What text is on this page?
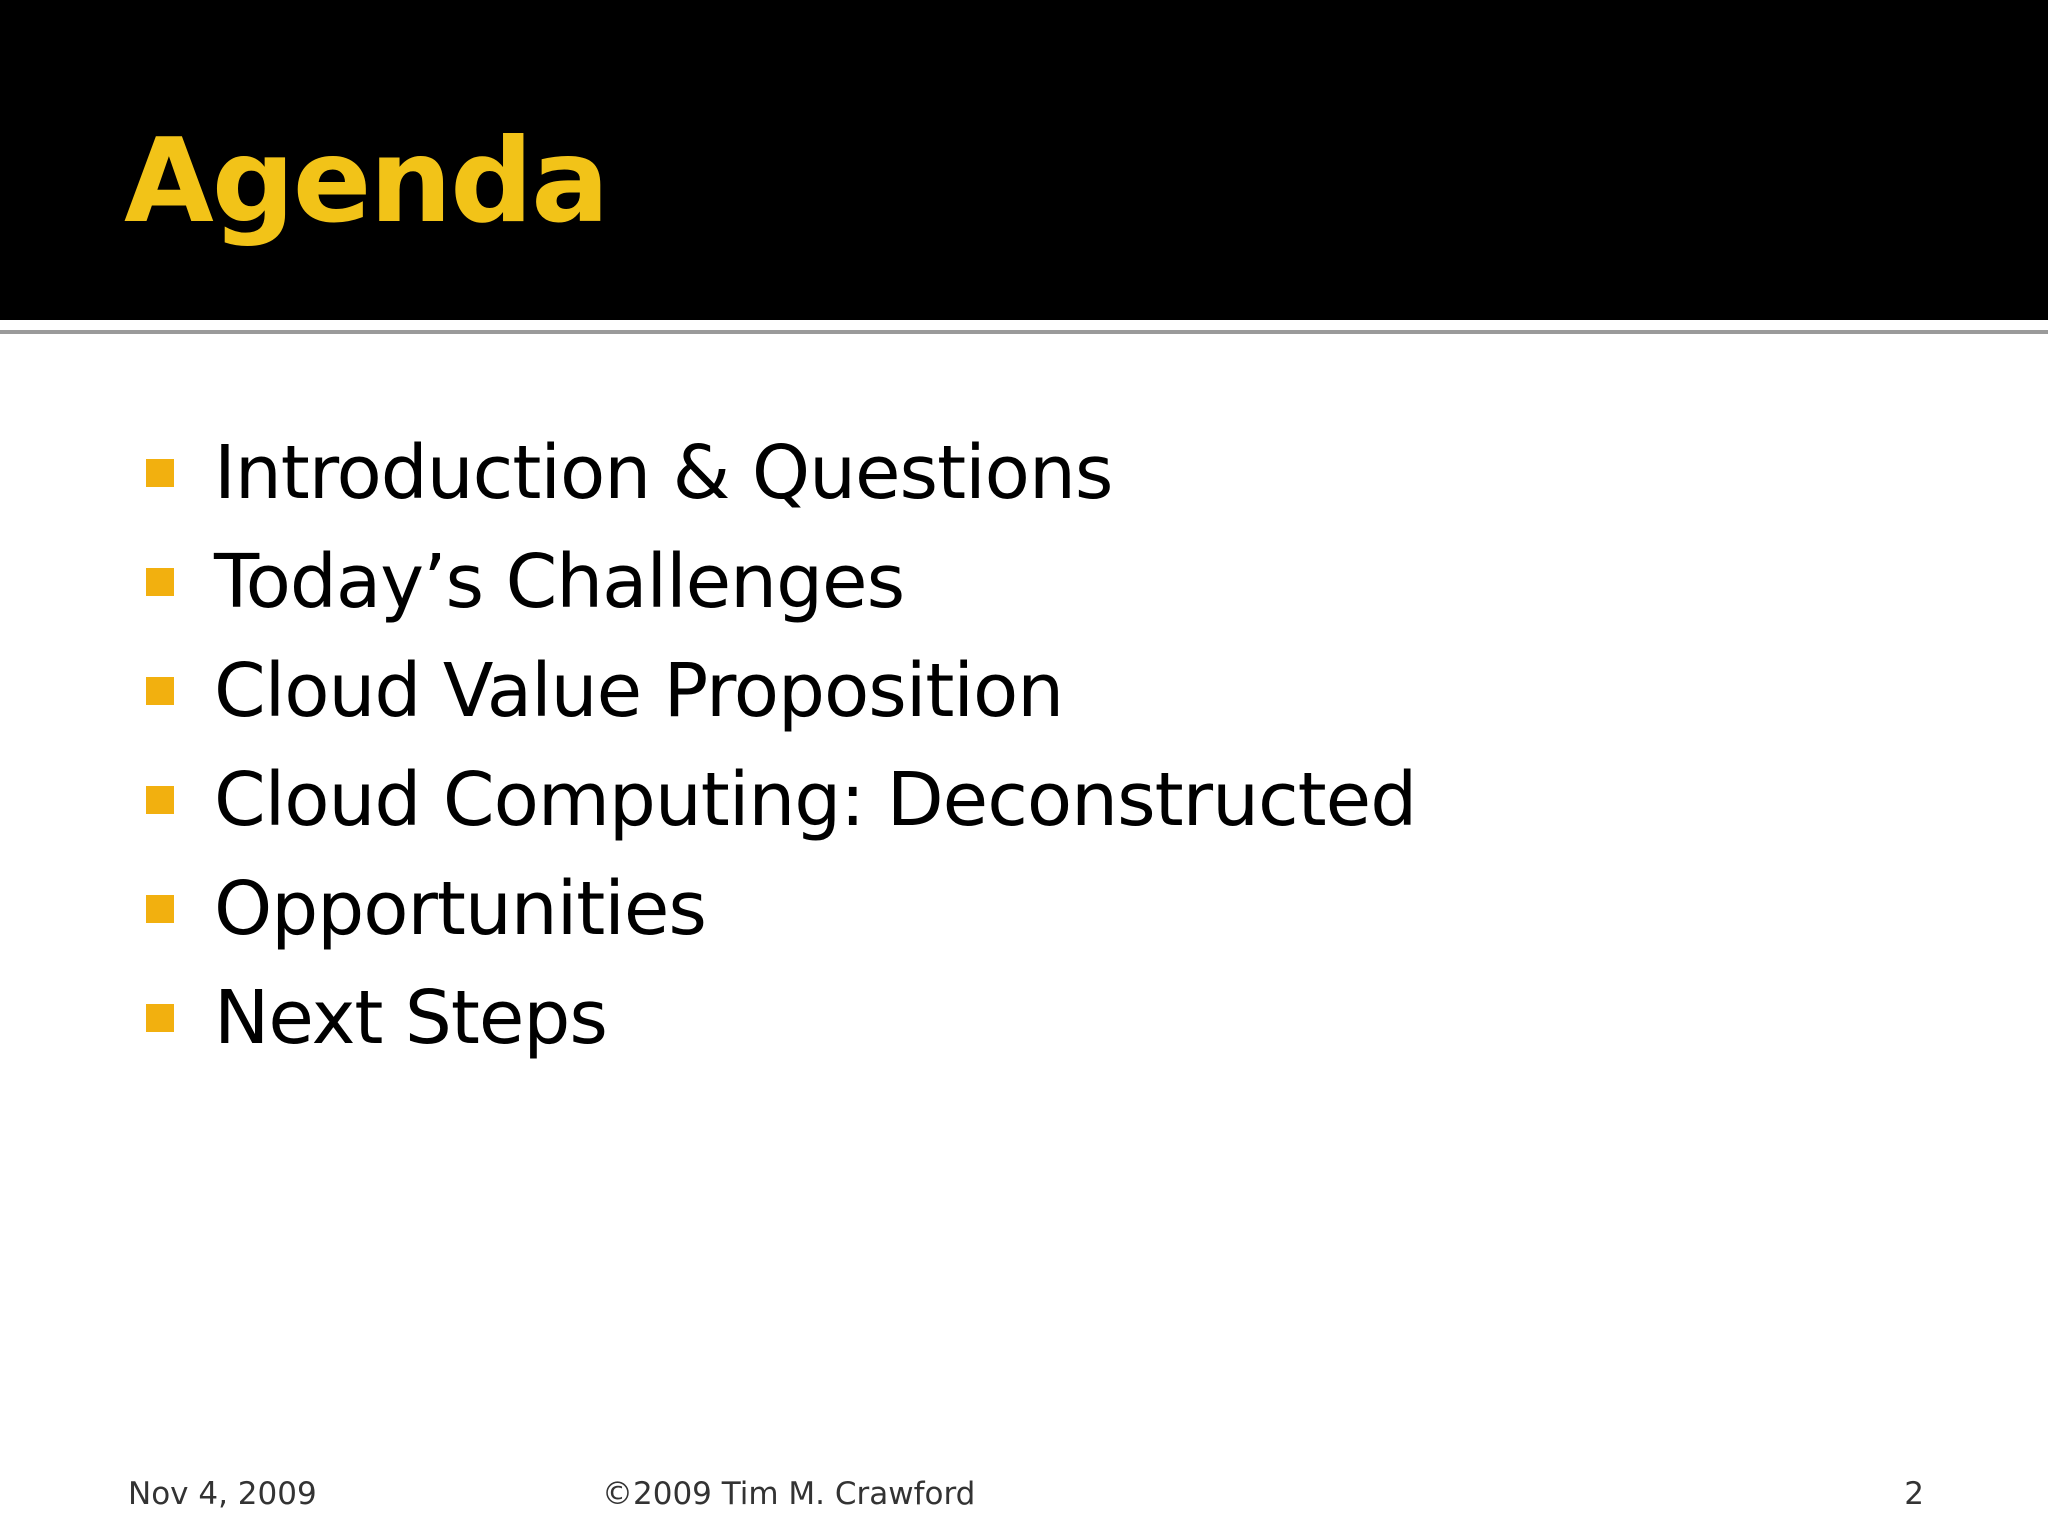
Agenda
Introduction & Questions
Today’s Challenges
Cloud Value Proposition
Cloud Computing: Deconstructed
Opportunities
Next Steps
Nov 4, 2009	©2009 Tim M. Crawford	2
